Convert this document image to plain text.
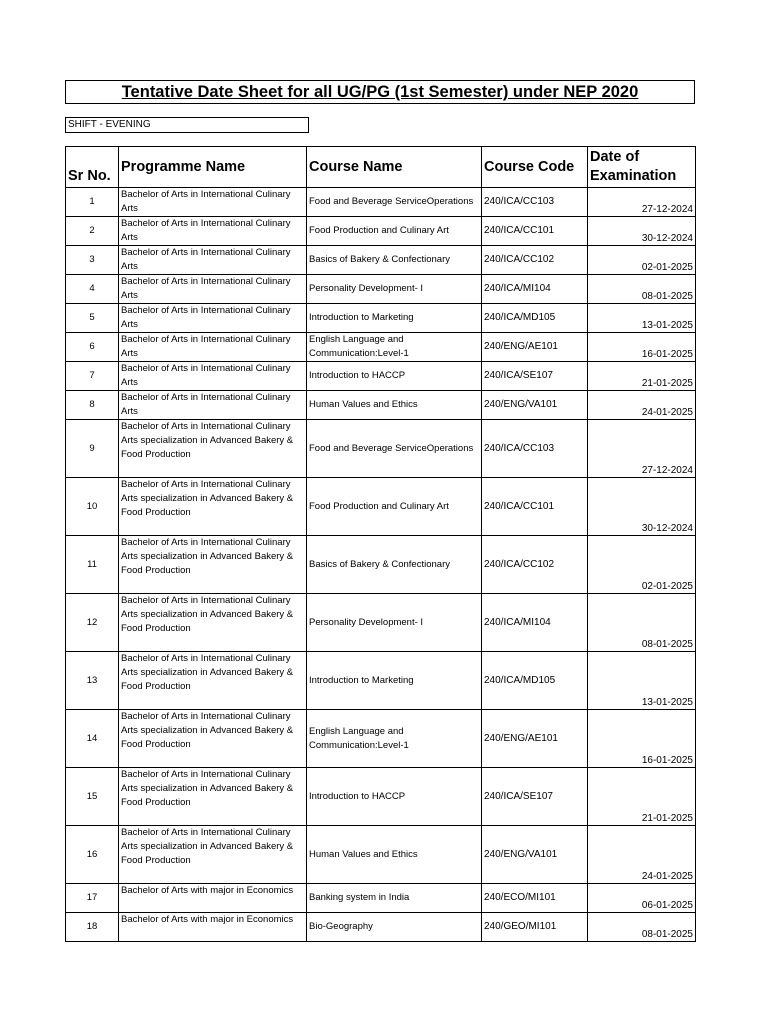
Tentative Date Sheet for all UG/PG (1st Semester) under NEP 2020
SHIFT - EVENING
Sr No.	Programme Name	Course Name	Course Code	Date of Examination
1	Bachelor of Arts in International Culinary Arts	Food and Beverage ServiceOperations	240/ICA/CC103	27-12-2024
2	Bachelor of Arts in International Culinary Arts	Food Production and Culinary Art	240/ICA/CC101	30-12-2024
3	Bachelor of Arts in International Culinary Arts	Basics of Bakery & Confectionary	240/ICA/CC102	02-01-2025
4	Bachelor of Arts in International Culinary Arts	Personality Development- I	240/ICA/MI104	08-01-2025
5	Bachelor of Arts in International Culinary Arts	Introduction to Marketing	240/ICA/MD105	13-01-2025
6	Bachelor of Arts in International Culinary Arts	English Language and Communication:Level-1	240/ENG/AE101	16-01-2025
7	Bachelor of Arts in International Culinary Arts	Introduction to HACCP	240/ICA/SE107	21-01-2025
8	Bachelor of Arts in International Culinary Arts	Human Values and Ethics	240/ENG/VA101	24-01-2025
9	Bachelor of Arts in International Culinary Arts specialization in Advanced Bakery & Food Production	Food and Beverage ServiceOperations	240/ICA/CC103	27-12-2024
10	Bachelor of Arts in International Culinary Arts specialization in Advanced Bakery & Food Production	Food Production and Culinary Art	240/ICA/CC101	30-12-2024
11	Bachelor of Arts in International Culinary Arts specialization in Advanced Bakery & Food Production	Basics of Bakery & Confectionary	240/ICA/CC102	02-01-2025
12	Bachelor of Arts in International Culinary Arts specialization in Advanced Bakery & Food Production	Personality Development- I	240/ICA/MI104	08-01-2025
13	Bachelor of Arts in International Culinary Arts specialization in Advanced Bakery & Food Production	Introduction to Marketing	240/ICA/MD105	13-01-2025
14	Bachelor of Arts in International Culinary Arts specialization in Advanced Bakery & Food Production	English Language and Communication:Level-1	240/ENG/AE101	16-01-2025
15	Bachelor of Arts in International Culinary Arts specialization in Advanced Bakery & Food Production	Introduction to HACCP	240/ICA/SE107	21-01-2025
16	Bachelor of Arts in International Culinary Arts specialization in Advanced Bakery & Food Production	Human Values and Ethics	240/ENG/VA101	24-01-2025
17	Bachelor of Arts with major in Economics	Banking system in India	240/ECO/MI101	06-01-2025
18	Bachelor of Arts with major in Economics	Bio-Geography	240/GEO/MI101	08-01-2025
